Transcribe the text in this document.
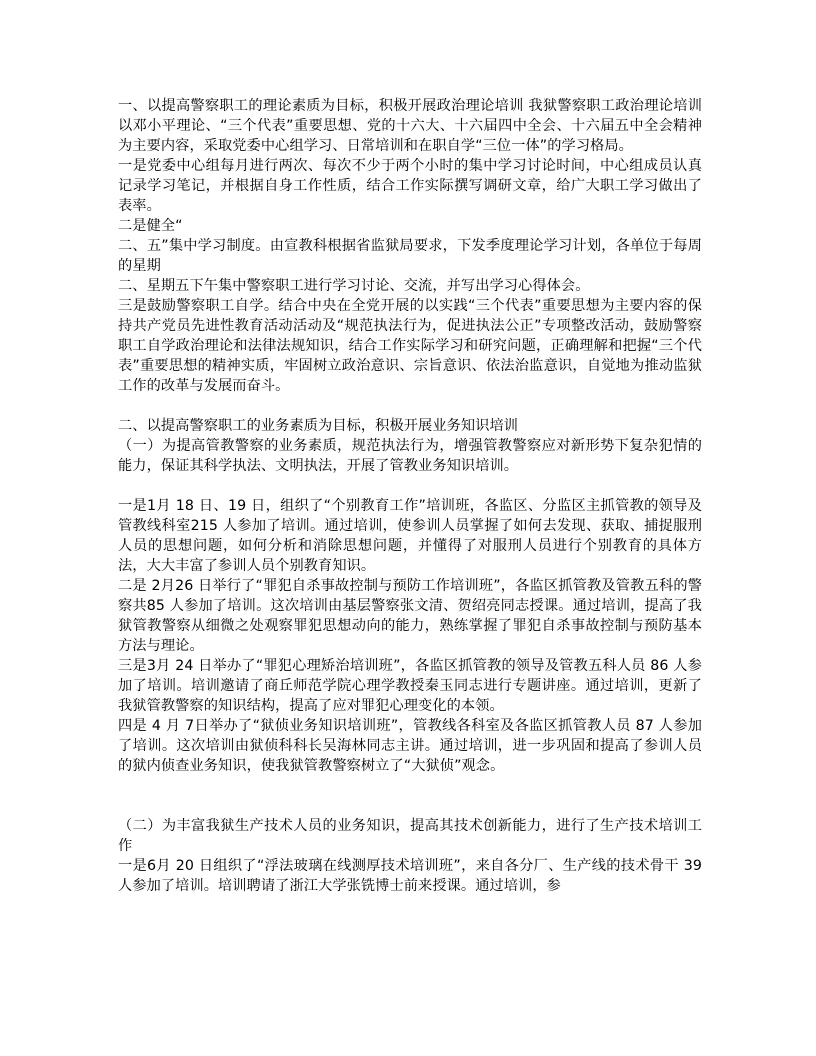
一、以提高警察职工的理论素质为目标，积极开展政治理论培训 我狱警察职工政治理论培训以邓小平理论、“三个代表”重要思想、党的十六大、十六届四中全会、十六届五中全会精神为主要内容，采取党委中心组学习、日常培训和在职自学“三位一体”的学习格局。

一是党委中心组每月进行两次、每次不少于两个小时的集中学习讨论时间，中心组成员认真记录学习笔记，并根据自身工作性质，结合工作实际撰写调研文章，给广大职工学习做出了表率。

二是健全“

二、五”集中学习制度。由宣教科根据省监狱局要求，下发季度理论学习计划，各单位于每周的星期

二、星期五下午集中警察职工进行学习讨论、交流，并写出学习心得体会。

三是鼓励警察职工自学。结合中央在全党开展的以实践“三个代表”重要思想为主要内容的保持共产党员先进性教育活动活动及“规范执法行为，促进执法公正”专项整改活动，鼓励警察职工自学政治理论和法律法规知识，结合工作实际学习和研究问题，正确理解和把握“三个代表”重要思想的精神实质，牢固树立政治意识、宗旨意识、依法治监意识，自觉地为推动监狱工作的改革与发展而奋斗。

二、以提高警察职工的业务素质为目标，积极开展业务知识培训

（一）为提高管教警察的业务素质，规范执法行为，增强管教警察应对新形势下复杂犯情的能力，保证其科学执法、文明执法，开展了管教业务知识培训。

一是1月 18 日、19 日，组织了“个别教育工作”培训班，各监区、分监区主抓管教的领导及管教线科室215 人参加了培训。通过培训，使参训人员掌握了如何去发现、获取、捕捉服刑人员的思想问题，如何分析和消除思想问题，并懂得了对服刑人员进行个别教育的具体方法，大大丰富了参训人员个别教育知识。

二是 2月26 日举行了“罪犯自杀事故控制与预防工作培训班”，各监区抓管教及管教五科的警察共85 人参加了培训。这次培训由基层警察张文清、贺绍亮同志授课。通过培训，提高了我狱管教警察从细微之处观察罪犯思想动向的能力，熟练掌握了罪犯自杀事故控制与预防基本方法与理论。

三是3月 24 日举办了“罪犯心理矫治培训班”，各监区抓管教的领导及管教五科人员 86 人参加了培训。培训邀请了商丘师范学院心理学教授秦玉同志进行专题讲座。通过培训，更新了我狱管教警察的知识结构，提高了应对罪犯心理变化的本领。

四是 4 月 7日举办了“狱侦业务知识培训班”，管教线各科室及各监区抓管教人员 87 人参加了培训。这次培训由狱侦科科长吴海林同志主讲。通过培训，进一步巩固和提高了参训人员的狱内侦查业务知识，使我狱管教警察树立了“大狱侦”观念。

（二）为丰富我狱生产技术人员的业务知识，提高其技术创新能力，进行了生产技术培训工作

一是6月 20 日组织了“浮法玻璃在线测厚技术培训班”，来自各分厂、生产线的技术骨干 39人参加了培训。培训聘请了浙江大学张铣博士前来授课。通过培训，参
